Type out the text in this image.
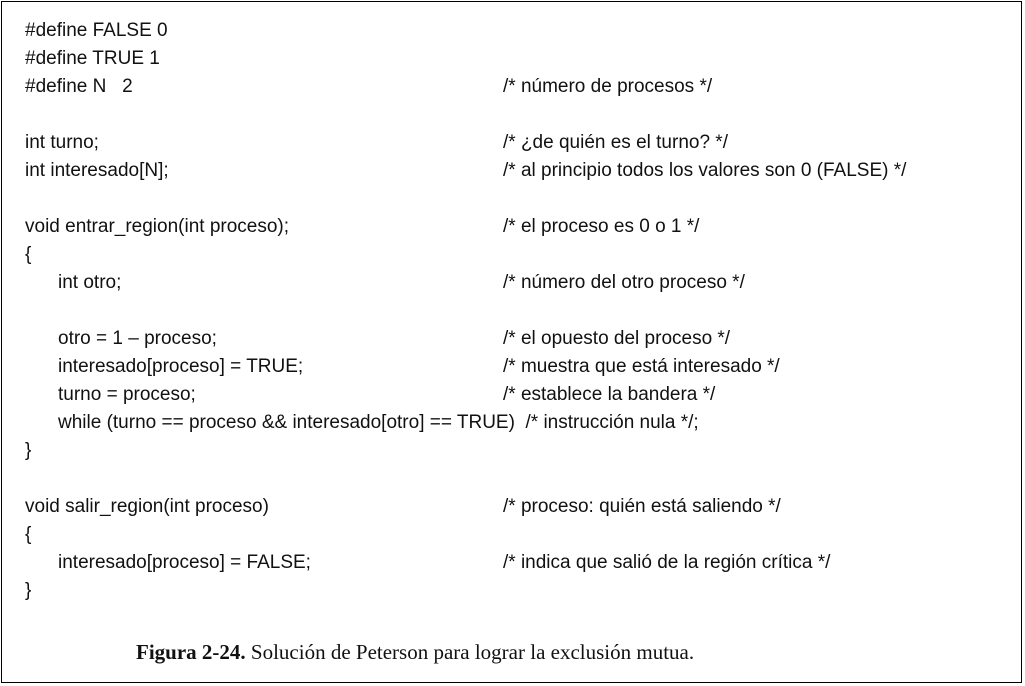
#define FALSE 0
#define TRUE 1
#define N   2	/* número de procesos */
int turno;	/* ¿de quién es el turno? */
int interesado[N];	/* al principio todos los valores son 0 (FALSE) */
void entrar_region(int proceso);	/* el proceso es 0 o 1 */
{
int otro;	/* número del otro proceso */
otro = 1 – proceso;	/* el opuesto del proceso */
interesado[proceso] = TRUE;	/* muestra que está interesado */
turno = proceso;	/* establece la bandera */
while (turno == proceso && interesado[otro] == TRUE)  /* instrucción nula */;
}
void salir_region(int proceso)	/* proceso: quién está saliendo */
{
interesado[proceso] = FALSE;	/* indica que salió de la región crítica */
}
Figura 2-24. Solución de Peterson para lograr la exclusión mutua.
